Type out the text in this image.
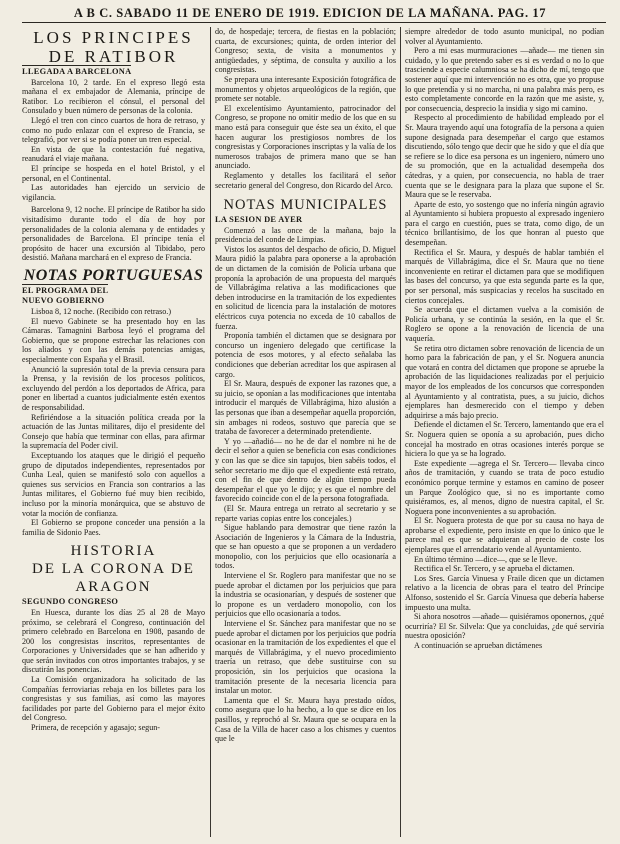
A B C. SABADO 11 DE ENERO DE 1919. EDICION DE LA MAÑANA. PAG. 17
LOS PRINCIPES
DE RATIBOR
LLEGADA A BARCELONA

Barcelona 10, 2 tarde. En el expreso llegó esta mañana el ex embajador de Alemania, príncipe de Ratibor. Lo recibieron el cónsul, el personal del Consulado y buen número de personas de la colonia.

Llegó el tren con cinco cuartos de hora de retraso, y como no pudo enlazar con el expreso de Francia, se telegrafió, por ver si se podía poner un tren especial.

En vista de que la contestación fué negativa, reanudará el viaje mañana.

El príncipe se hospeda en el hotel Bristol, y el personal, en el Continental.

Las autoridades han ejercido un servicio de vigilancia.

Barcelona 9, 12 noche. El príncipe de Ratibor ha sido visitadísimo durante todo el día de hoy por personalidades de la colonia alemana y de entidades y personalidades de Barcelona. El príncipe tenía el propósito de hacer una excursión al Tibidabo, pero desistió. Mañana marchará en el expreso de Francia.

NOTAS PORTUGUESAS
EL PROGRAMA DEL
NUEVO GOBIERNO

Lisboa 8, 12 noche. (Recibido con retraso.)

El nuevo Gabinete se ha presentado hoy en las Cámaras. Tamagnini Barbosa leyó el programa del Gobierno, que se propone estrechar las relaciones con los aliados y con las demás potencias amigas, especialmente con España y el Brasil.

Anunció la supresión total de la previa censura para la Prensa, y la revisión de los procesos políticos, excluyendo del perdón a los deportados de Africa, para poner en libertad a cuantos judicialmente estén exentos de responsabilidad.

Refiriéndose a la situación política creada por la actuación de las Juntas militares, dijo el presidente del Consejo que había que terminar con ellas, para afirmar la supremacía del Poder civil.

Exceptuando los ataques que le dirigió el pequeño grupo de diputados independientes, representados por Cunha Leal, quien se manifestó solo con aquellos a quienes sus servicios en Francia son contrarios a las Juntas militares, el Gobierno fué muy bien recibido, incluso por la minoría monárquica, que se abstuvo de votar la moción de confianza.

El Gobierno se propone conceder una pensión a la familia de Sidonio Paes.

HISTORIA
DE LA CORONA DE
ARAGON
SEGUNDO CONGRESO

En Huesca, durante los días 25 al 28 de Mayo próximo, se celebrará el Congreso, continuación del primero celebrado en Barcelona en 1908, pasando de 200 los congresistas inscritos, representantes de Corporaciones y Universidades que se han adherido y que serán invitados con otros importantes trabajos, y se discutirán las ponencias.

La Comisión organizadora ha solicitado de las Compañías ferroviarias rebaja en los billetes para los congresistas y sus familias, así como las mayores facilidades por parte del Gobierno para el mejor éxito del Congreso.

Primera, de recepción y agasajo; segun-

do, de hospedaje; tercera, de fiestas en la población; cuarta, de excursiones; quinta, de orden interior del Congreso; sexta, de visita a monumentos y antigüedades, y séptima, de consulta y auxilio a los congresistas.

Se prepara una interesante Exposición fotográfica de monumentos y objetos arqueológicos de la región, que promete ser notable.

El excelentísimo Ayuntamiento, patrocinador del Congreso, se propone no omitir medio de los que en su mano está para conseguir que éste sea un éxito, el que hacen augurar los prestigiosos nombres de los congresistas y Corporaciones inscriptas y la valía de los numerosos trabajos de primera mano que se han anunciado.

Reglamento y detalles los facilitará el señor secretario general del Congreso, don Ricardo del Arco.

NOTAS MUNICIPALES
LA SESION DE AYER

Comenzó a las once de la mañana, bajo la presidencia del conde de Limpias.

Vistos los asuntos del despacho de oficio, D. Miguel Maura pidió la palabra para oponerse a la aprobación de un dictamen de la comisión de Policía urbana que proponía la aprobación de una propuesta del marqués de Villabrágima relativa a las modificaciones que deben introducirse en la tramitación de los expedientes en solicitud de licencia para la instalación de motores eléctricos cuya potencia no exceda de 10 caballos de fuerza.

Proponía también el dictamen que se designara por concurso un ingeniero delegado que certificase la potencia de esos motores, y al efecto señalaba las condiciones que deberían acreditar los que aspirasen al cargo.

El Sr. Maura, después de exponer las razones que, a su juicio, se oponían a las modificaciones que intentaba introducir el marqués de Villabrágima, hizo alusión a las personas que iban a desempeñar aquella proporción, sin ambages ni rodeos, sostuvo que parecía que se trataba de favorecer a determinado pretendiente.

Y yo —añadió— no he de dar el nombre ni he de decir el señor a quien se beneficia con esas condiciones y con las que se dice sin tapujos, bien sabéis todos, el señor secretario me dijo que el expediente está retrato, con el fin de que dentro de algún tiempo pueda desempeñar el que yo le dijo; y es que el nombre del favorecido coincide con el de la persona fotografiada.

(El Sr. Maura entrega un retrato al secretario y se reparte varias copias entre los concejales.)

Sigue hablando para demostrar que tiene razón la Asociación de Ingenieros y la Cámara de la Industria, que se han opuesto a que se proponen a un verdadero monopolio, con los perjuicios que ello ocasionaría a todos.

Interviene el Sr. Roglero para manifestar que no se puede aprobar el dictamen por los perjuicios que para la industria se ocasionarían, y después de sostener que lo propone es un verdadero monopolio, con los perjuicios que ello ocasionaría a todos.

Interviene el Sr. Sánchez para manifestar que no se puede aprobar el dictamen por los perjuicios que podría ocasionar en la tramitación de los expedientes el que el marqués de Villabrágima, y el nuevo procedimiento traería un retraso, que debe sustituirse con su proposición, sin los perjuicios que ocasiona la tramitación presente de la necesaria licencia para instalar un motor.

Lamenta que el Sr. Maura haya prestado oídos, como asegura que lo ha hecho, a lo que se dice en los pasillos, y reprochó al Sr. Maura que se ocupara en la Casa de la Villa de hacer caso a los chismes y cuentos que le

siempre alrededor de todo asunto municipal, no podían volver al Ayuntamiento.

Pero a mi esas murmuraciones —añade— me tienen sin cuidado, y lo que pretendo saber es si es verdad o no lo que trasciende a especie calumniosa se ha dicho de mí, tengo que sostener aquí que mi intervención no es otra, que yo propuse lo que pretendía y si no marcha, ni una palabra más pero, es esto completamente concorde en la razón que me asiste, y, por consecuencia, desprecio la insidia y sigo mi camino.

Respecto al procedimiento de habilidad empleado por el Sr. Maura trayendo aquí una fotografía de la persona a quien supone designada para desempeñar el cargo que estamos discutiendo, sólo tengo que decir que he sido y que el día que se refiere se lo dice esa persona es un ingeniero, número uno de su promoción, que en la actualidad desempeña dos cátedras, y a quien, por consecuencia, no habla de traer cuenta que se le designara para la plaza que supone el Sr. Maura que se le reservaba.

Aparte de esto, yo sostengo que no infería ningún agravio al Ayuntamiento si hubiera propuesto al expresado ingeniero para el cargo en cuestión, pues se trata, como digo, de un técnico brillantísimo, de los que honran al puesto que desempeñan.

Rectifica el Sr. Maura, y después de hablar también el marqués de Villabrágima, dice el Sr. Maura que no tiene inconveniente en retirar el dictamen para que se modifiquen las bases del concurso, ya que esta segunda parte es la que, por ser personal, más suspicacias y recelos ha suscitado en ciertos concejales.

Se acuerda que el dictamen vuelva a la comisión de Policía urbana, y se continúa la sesión, en la que el Sr. Roglero se opone a la renovación de licencia de una vaquería.

Se retira otro dictamen sobre renovación de licencia de un horno para la fabricación de pan, y el Sr. Noguera anuncia que votará en contra del dictamen que propone se apruebe la aprobación de las liquidaciones realizadas por el perjuicio mayor de los empleados de los concursos que corresponden al Ayuntamiento y al contratista, pues, a su juicio, dichos ejemplares han desmerecido con el tiempo y deben adquirirse a más bajo precio.

Defiende el dictamen el Sr. Tercero, lamentando que era el Sr. Noguera quien se oponía a su aprobación, pues dicho concejal ha mostrado en otras ocasiones interés porque se hiciera lo que ya se ha logrado.

Este expediente —agrega el Sr. Tercero— llevaba cinco años de tramitación, y cuando se trata de poco estudio económico porque termine y estamos en camino de poseer un Parque Zoológico que, si no es importante como quisiéramos, es, al menos, digno de nuestra capital, el Sr. Noguera pone inconvenientes a su aprobación.

El Sr. Noguera protesta de que por su causa no haya de aprobarse el expediente, pero insiste en que lo único que le parece mal es que se adquieran al precio de coste los ejemplares que el arrendatario vende al Ayuntamiento.

En último término —dice—, que se le lleve.

Rectifica el Sr. Tercero, y se aprueba el dictamen.

Los Sres. García Vinuesa y Fraile dicen que un dictamen relativo a la licencia de obras para el teatro del Príncipe Alfonso, sostenido el Sr. García Vinuesa que debería haberse impuesto una multa.

Si ahora nosotros —añade— quisiéramos oponernos, ¿qué ocurriría? El Sr. Silvela: Que ya concluidas, ¿de qué serviría nuestra oposición?

A continuación se aprueban dictámenes
